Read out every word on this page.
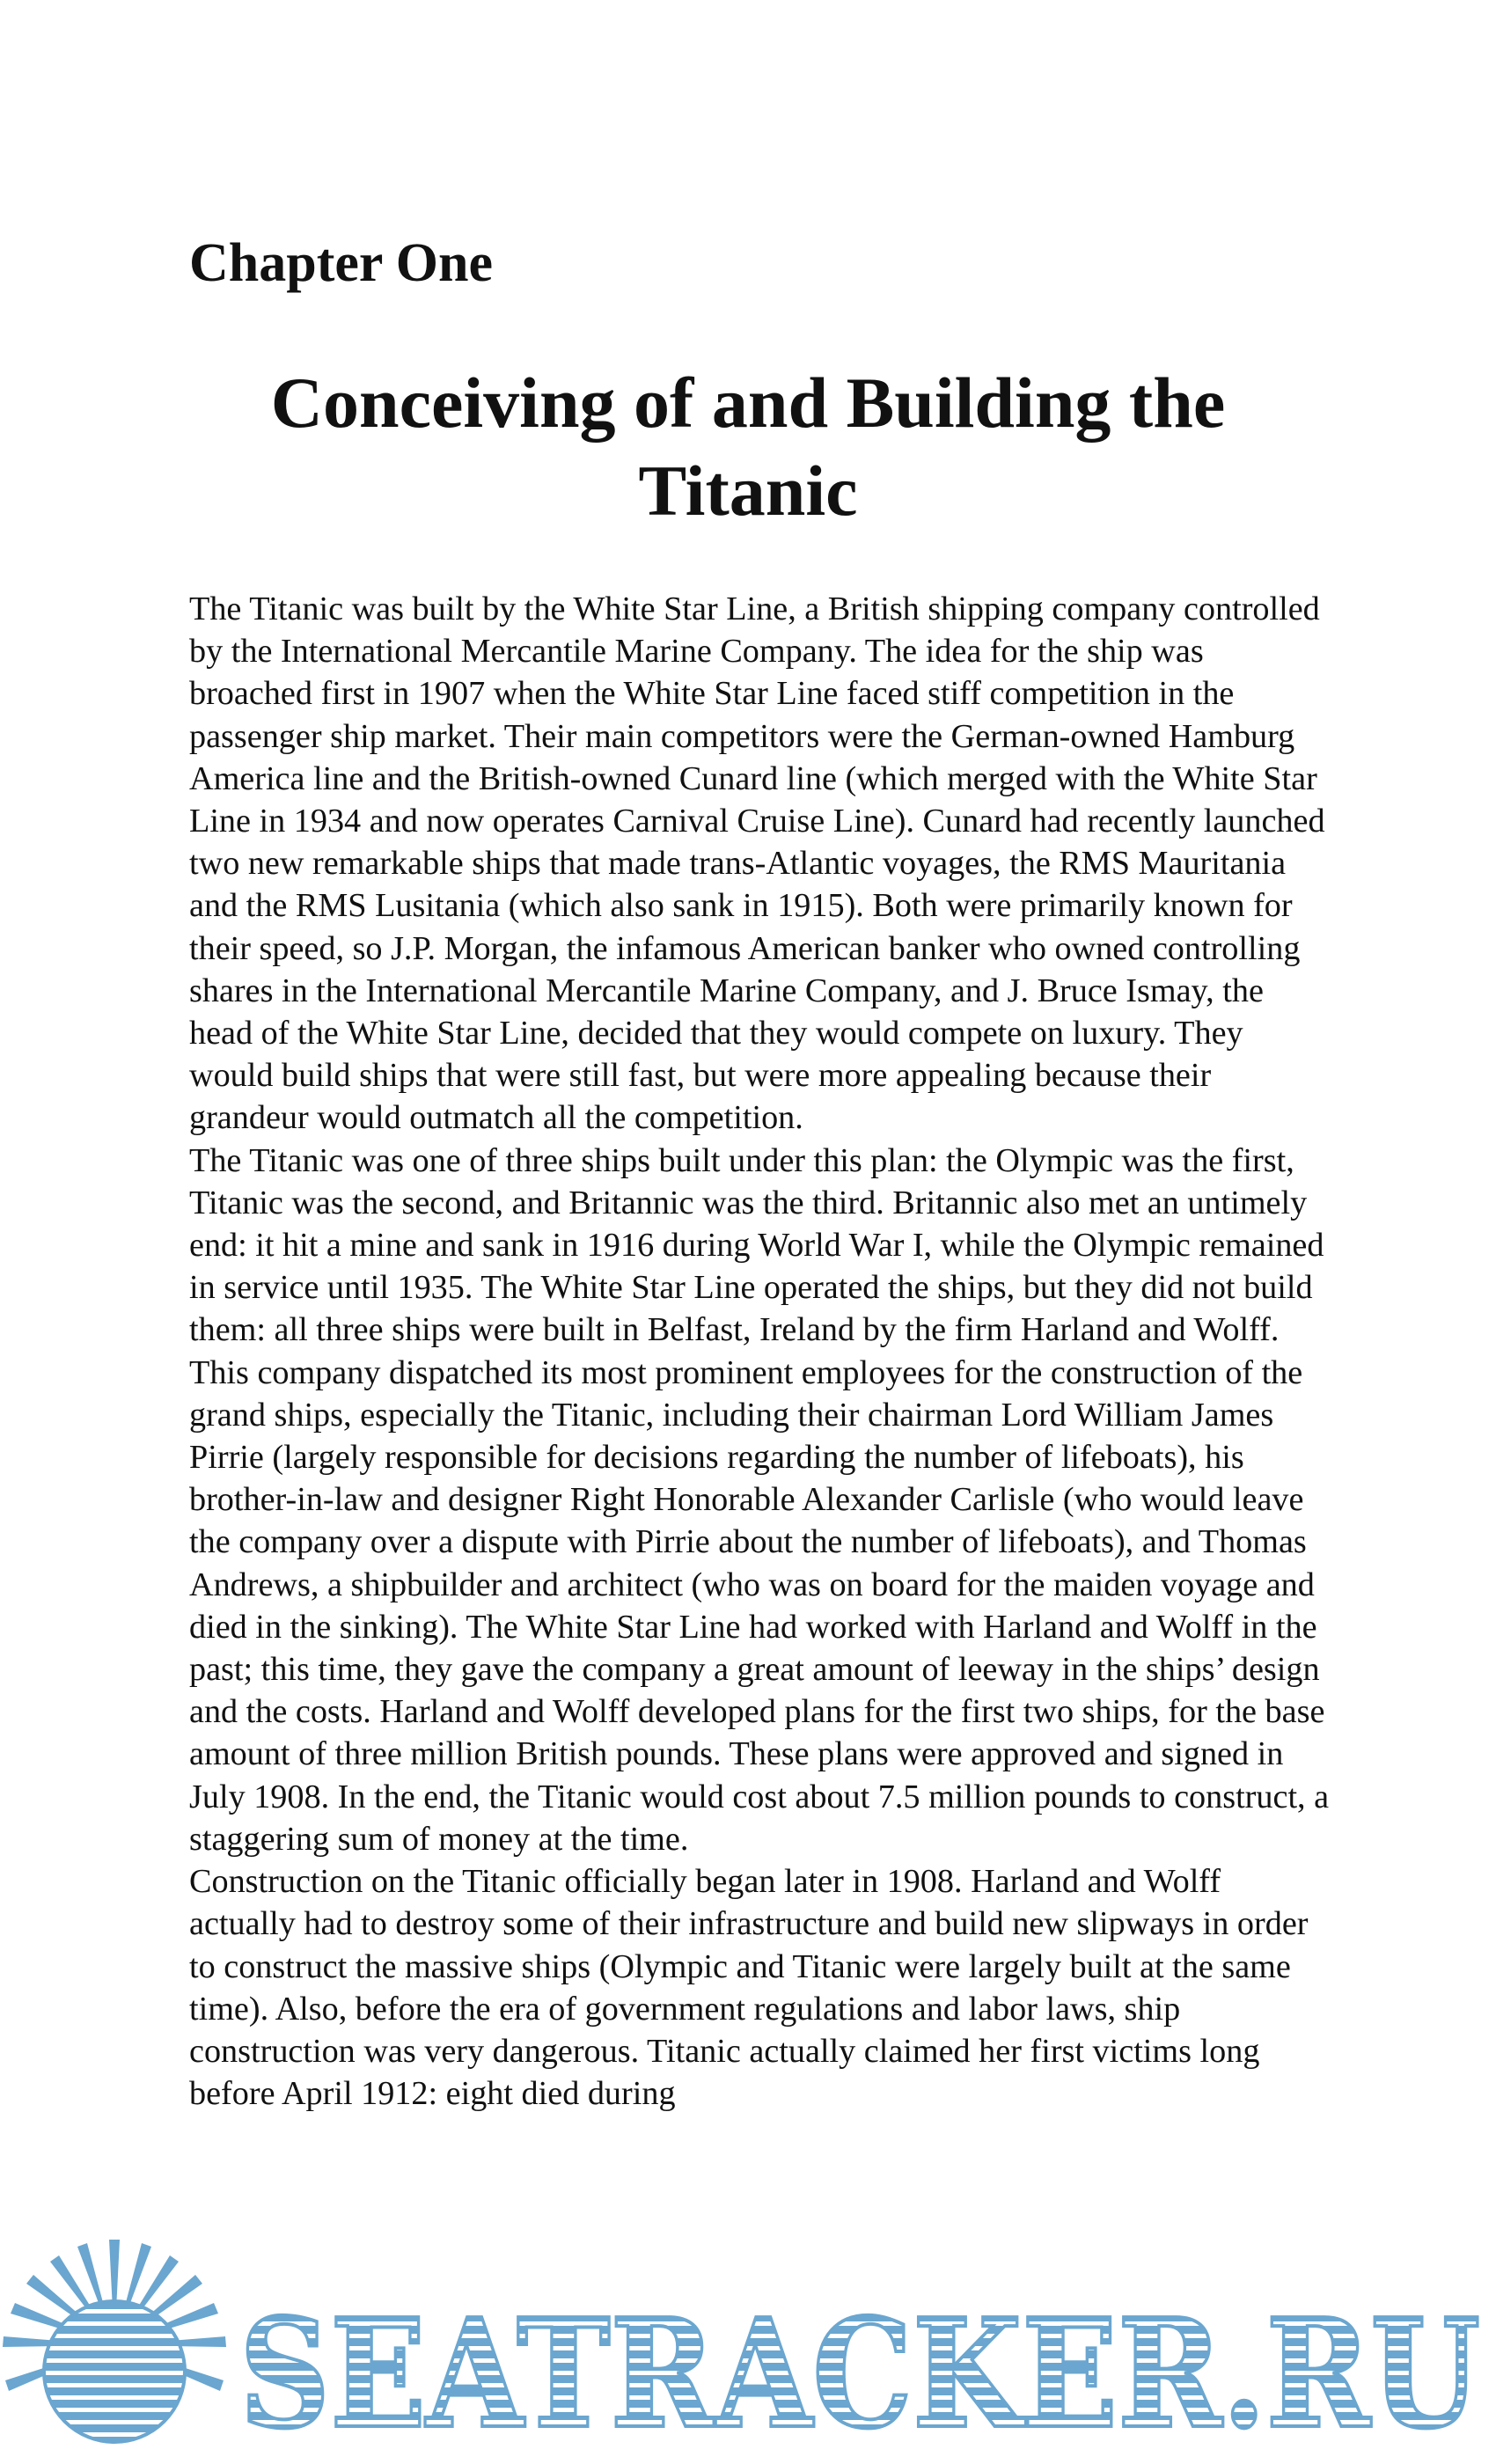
Chapter One
Conceiving of and Building the Titanic

The Titanic was built by the White Star Line, a British shipping company controlled by the International Mercantile Marine Company. The idea for the ship was broached first in 1907 when the White Star Line faced stiff competition in the passenger ship market. Their main competitors were the German-owned Hamburg America line and the British-owned Cunard line (which merged with the White Star Line in 1934 and now operates Carnival Cruise Line). Cunard had recently launched two new remarkable ships that made trans-Atlantic voyages, the RMS Mauritania and the RMS Lusitania (which also sank in 1915). Both were primarily known for their speed, so J.P. Morgan, the infamous American banker who owned controlling shares in the International Mercantile Marine Company, and J. Bruce Ismay, the head of the White Star Line, decided that they would compete on luxury. They would build ships that were still fast, but were more appealing because their grandeur would outmatch all the competition.

The Titanic was one of three ships built under this plan: the Olympic was the first, Titanic was the second, and Britannic was the third. Britannic also met an untimely end: it hit a mine and sank in 1916 during World War I, while the Olympic remained in service until 1935. The White Star Line operated the ships, but they did not build them: all three ships were built in Belfast, Ireland by the firm Harland and Wolff. This company dispatched its most prominent employees for the construction of the grand ships, especially the Titanic, including their chairman Lord William James Pirrie (largely responsible for decisions regarding the number of lifeboats), his brother-in-law and designer Right Honorable Alexander Carlisle (who would leave the company over a dispute with Pirrie about the number of lifeboats), and Thomas Andrews, a shipbuilder and architect (who was on board for the maiden voyage and died in the sinking). The White Star Line had worked with Harland and Wolff in the past; this time, they gave the company a great amount of leeway in the ships’ design and the costs. Harland and Wolff developed plans for the first two ships, for the base amount of three million British pounds. These plans were approved and signed in July 1908. In the end, the Titanic would cost about 7.5 million pounds to construct, a staggering sum of money at the time.

Construction on the Titanic officially began later in 1908. Harland and Wolff actually had to destroy some of their infrastructure and build new slipways in order to construct the massive ships (Olympic and Titanic were largely built at the same time). Also, before the era of government regulations and labor laws, ship construction was very dangerous. Titanic actually claimed her first victims long before April 1912: eight died during

SEATRACKER.RU
